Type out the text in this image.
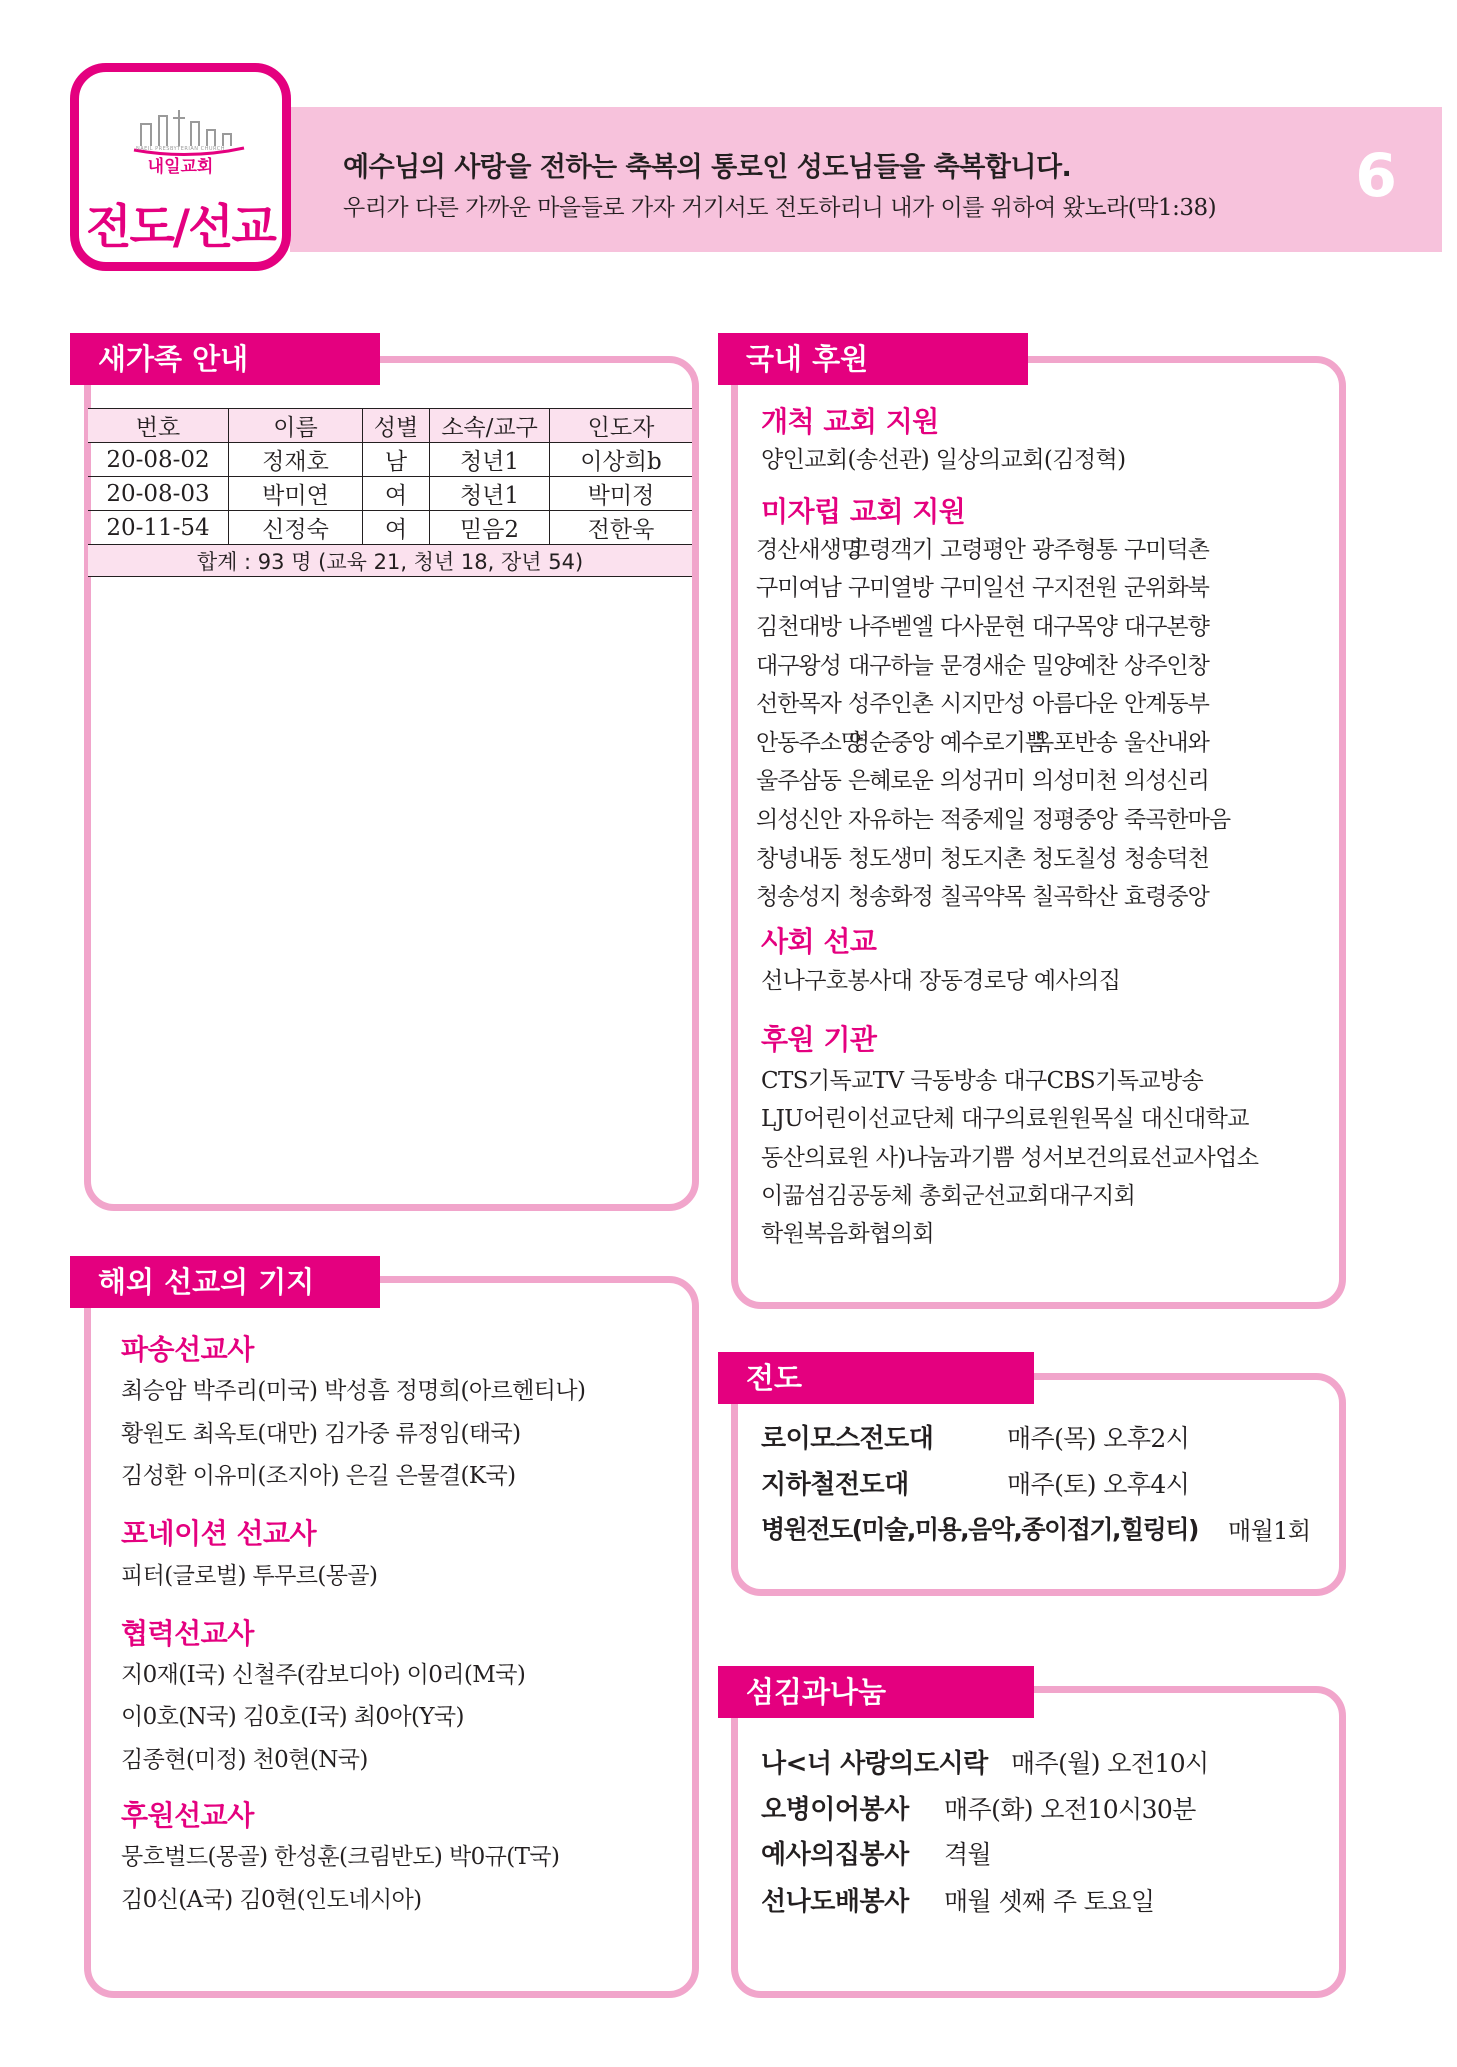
NAEIL PRESBYTERIAN CHURCH
내일교회
전도/선교
예수님의 사랑을 전하는 축복의 통로인 성도님들을 축복합니다.
우리가 다른 가까운 마을들로 가자 거기서도 전도하리니 내가 이를 위하여 왔노라(막1:38) 6
새가족 안내
번호	이름	성별	소속/교구	인도자
20-08-02	정재호	남	청년1	이상희b
20-08-03	박미연	여	청년1	박미정
20-11-54	신정숙	여	믿음2	전한욱
합계 : 93 명 (교육 21, 청년 18, 장년 54)				
해외 선교의 기지
파송선교사
최승암 박주리(미국) 박성흠 정명희(아르헨티나)
황원도 최옥토(대만) 김가중 류정임(태국)
김성환 이유미(조지아) 은길 은물결(K국)
포네이션 선교사
피터(글로벌) 투무르(몽골)
협력선교사
지0재(I국) 신철주(캄보디아) 이0리(M국)
이0호(N국) 김0호(I국) 최0아(Y국)
김종현(미정) 천0현(N국)
후원선교사
뭉흐벌드(몽골) 한성훈(크림반도) 박0규(T국)
김0신(A국) 김0현(인도네시아)
국내 후원
개척 교회 지원
양인교회(송선관) 일상의교회(김정혁)
미자립 교회 지원
경산새생명
고령객기 고령평안 광주형통 구미덕촌
구미여남 구미열방 구미일선 구지전원 군위화북
김천대방 나주벧엘 다사문현 대구목양 대구본향
대구왕성 대구하늘 문경새순 밀양예찬 상주인창
선한목자 성주인촌 시지만성 아름다운 안계동부
안동주소망
영순중앙 예수로기쁨
옥포반송 울산내와
울주삼동 은혜로운 의성귀미 의성미천 의성신리
의성신안 자유하는 적중제일 정평중앙 죽곡한마음
창녕내동 청도생미 청도지촌 청도칠성 청송덕천
청송성지 청송화정 칠곡약목 칠곡학산 효령중앙
사회 선교
선나구호봉사대 장동경로당 예사의집
후원 기관
CTS기독교TV 극동방송 대구CBS기독교방송
LJU어린이선교단체 대구의료원원목실 대신대학교
동산의료원 사)나눔과기쁨 성서보건의료선교사업소
이끎섬김공동체 총회군선교회대구지회
학원복음화협의회
전도
로이모스전도대	매주(목) 오후2시
지하철전도대	매주(토) 오후4시
병원전도(미술,미용,음악,종이접기,힐링티) 매월1회
섬김과나눔
나<너 사랑의도시락 매주(월) 오전10시
오병이어봉사 매주(화) 오전10시30분
예사의집봉사 격월
선나도배봉사 매월 셋째 주 토요일
